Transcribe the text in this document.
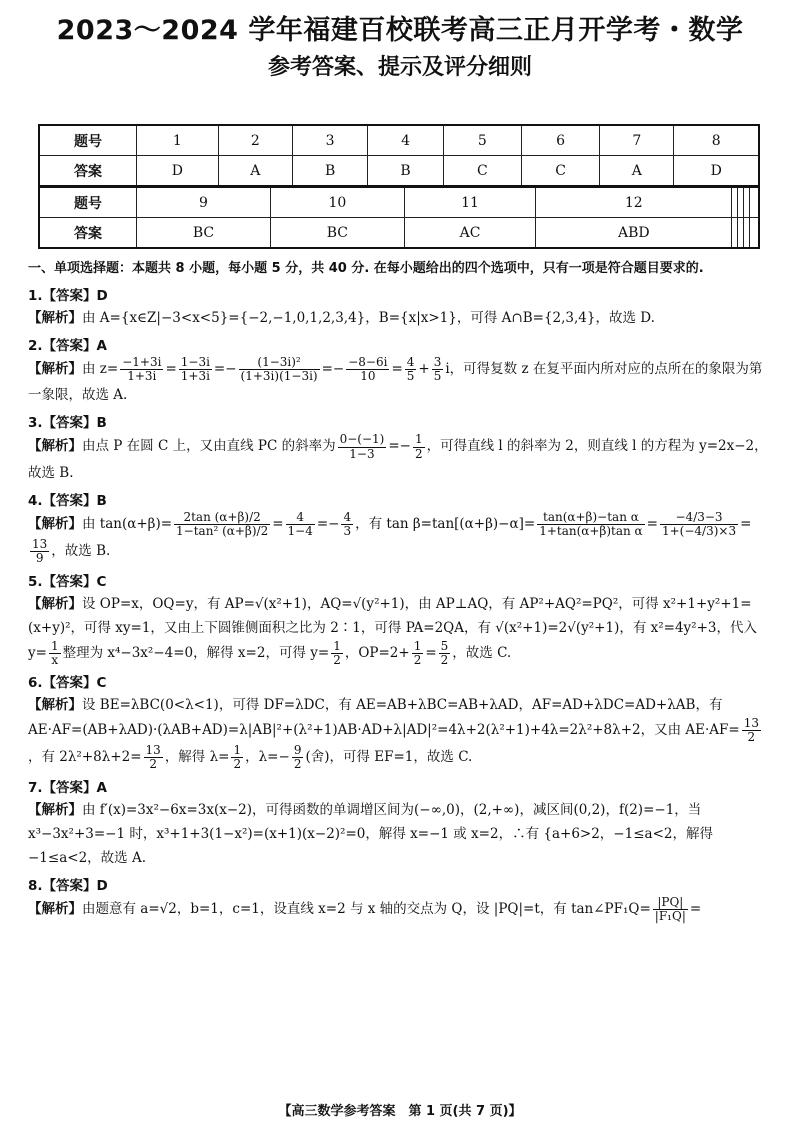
2023～2024 学年福建百校联考高三正月开学考・数学
参考答案、提示及评分细则
题号	1	2	3	4	5	6	7	8
答案	D	A	B	B	C	C	A	D
题号	9	10	11	12				
答案	BC	BC	AC	ABD				

一、单项选择题：本题共 8 小题，每小题 5 分，共 40 分. 在每小题给出的四个选项中，只有一项是符合题目要求的.

1.【答案】D

【解析】由 A={x∈Z|−3<x<5}={−2,−1,0,1,2,3,4}，B={x|x>1}，可得 A∩B={2,3,4}，故选 D.

2.【答案】A

【解析】由 $z= \frac{-1+3i}{1+3i} = \frac{1-3i}{1+3i} =- \frac{\text{(1−3i)²}}{(1+3i)(1-3i)} =- \frac{-8-6i}{10} = \frac{4}{5} + \frac{3}{5}$ i，可得复数 z 在复平面内所对应的点所在的象限为第一象限，故选 A.

3.【答案】B

【解析】由点 P 在圆 C 上，又由直线 PC 的斜率为 $\frac{0-(-1)}{1-3} =- \frac{1}{2}$ ，可得直线 l 的斜率为 2，则直线 l 的方程为 y=2x−2，故选 B.

4.【答案】B

【解析】由 $\tan(\alpha+\beta)= \frac{2\tan (\alpha+\beta)/2}{\text{1−tan² (α+β)/2}} = \frac{4}{1-4} =- \frac{4}{3}$ ，有 $\tan \beta=\tan[(\alpha+\beta)-\alpha]= \frac{\text{tan(α+β)−tan α}}{\text{1+tan(α+β)tan α}} = \frac{-4/3-3}{1+(-4/3)\times 3}$ =
$\frac{13}{9}$ ，故选 B.

5.【答案】C

【解析】设 OP=x，OQ=y，有 AP=√(x²+1)，AQ=√(y²+1)，由 AP⊥AQ，有 AP²+AQ²=PQ²，可得 x²+1+y²+1=(x+y)²，可得 xy=1，又由上下圆锥侧面积之比为 2∶1，可得 PA=2QA，有 √(x²+1)=2√(y²+1)，有 x²=4y²+3，代入 $y= \frac{1}{x}$ 整理为 x⁴−3x²−4=0，解得 x=2，可得 $y= \frac{1}{2}$ ，$OP=2+ \frac{1}{2} = \frac{5}{2}$ ，故选 C.

6.【答案】C

【解析】设 BE=λBC(0<λ<1)，可得 DF=λDC，有 AE=AB+λBC=AB+λAD，AF=AD+λDC=AD+λAB，有 AE·AF=(AB+λAD)·(λAB+AD)=λ|AB|²+(λ²+1)AB·AD+λ|AD|²=4λ+2(λ²+1)+4λ=2λ²+8λ+2，又由 $AE\cdot AF= \frac{13}{2}$
，有 $2\lambda^2+8\lambda+2= \frac{13}{2}$ ，解得 $\lambda= \frac{1}{2}$ ，$\lambda=- \frac{9}{2}$ (舍)，可得 EF=1，故选 C.

7.【答案】A

【解析】由 f′(x)=3x²−6x=3x(x−2)，可得函数的单调增区间为(−∞,0)，(2,+∞)，减区间(0,2)，f(2)=−1，当 x³−3x²+3=−1 时，x³+1+3(1−x²)=(x+1)(x−2)²=0，解得 x=−1 或 x=2，∴有 {a+6>2，−1≤a<2，解得 −1≤a<2，故选 A.

8.【答案】D

【解析】由题意有 a=√2，b=1，c=1，设直线 x=2 与 x 轴的交点为 Q，设 |PQ|=t，有 tan∠PF₁Q= $\frac{|PQ|}{\text{|F₁Q|}}$ =

【高三数学参考答案　第 1 页(共 7 页)】
